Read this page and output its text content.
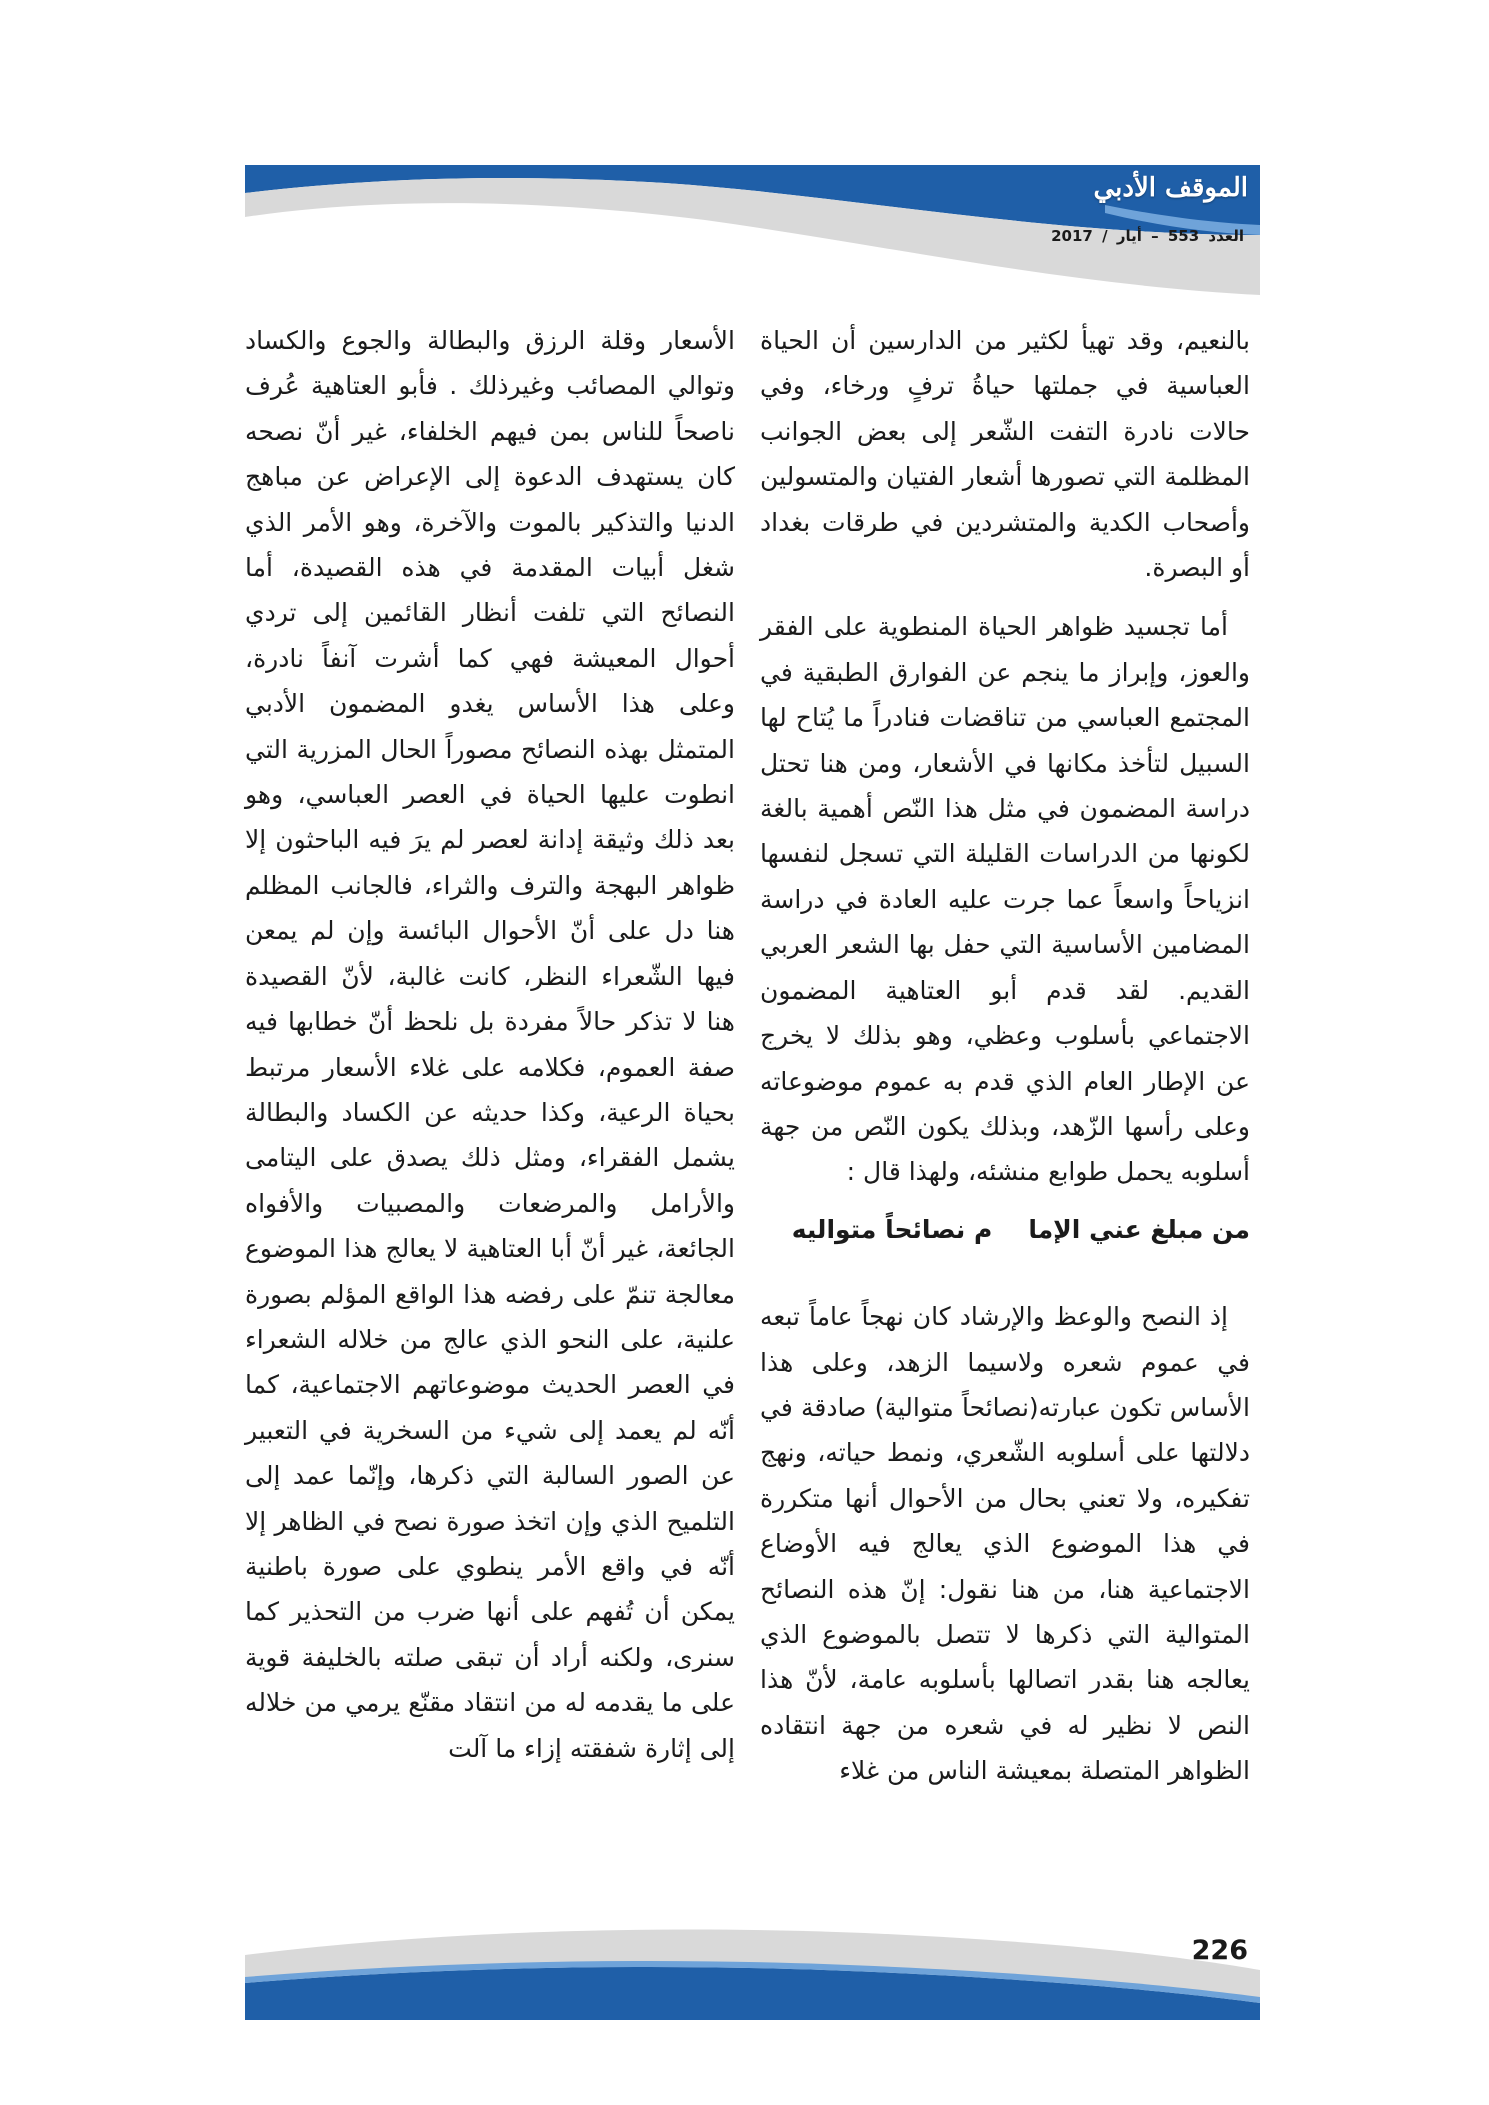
الموقف الأدبي
العدد 553 – أيار / 2017

بالنعيم، وقد تهيأ لكثير من الدارسين أن الحياة العباسية في جملتها حياةُ ترفٍ ورخاء، وفي حالات نادرة التفت الشّعر إلى بعض الجوانب المظلمة التي تصورها أشعار الفتيان والمتسولين وأصحاب الكدية والمتشردين في طرقات بغداد أو البصرة.

أما تجسيد ظواهر الحياة المنطوية على الفقر والعوز، وإبراز ما ينجم عن الفوارق الطبقية في المجتمع العباسي من تناقضات فنادراً ما يُتاح لها السبيل لتأخذ مكانها في الأشعار، ومن هنا تحتل دراسة المضمون في مثل هذا النّص أهمية بالغة لكونها من الدراسات القليلة التي تسجل لنفسها انزياحاً واسعاً عما جرت عليه العادة في دراسة المضامين الأساسية التي حفل بها الشعر العربي القديم. لقد قدم أبو العتاهية المضمون الاجتماعي بأسلوب وعظي، وهو بذلك لا يخرج عن الإطار العام الذي قدم به عموم موضوعاته وعلى رأسها الزّهد، وبذلك يكون النّص من جهة أسلوبه يحمل طوابع منشئه، ولهذا قال :

من مبلغ عني الإمام نصائحاً متواليه

إذ النصح والوعظ والإرشاد كان نهجاً عاماً تبعه في عموم شعره ولاسيما الزهد، وعلى هذا الأساس تكون عبارته(نصائحاً متوالية) صادقة في دلالتها على أسلوبه الشّعري، ونمط حياته، ونهج تفكيره، ولا تعني بحال من الأحوال أنها متكررة في هذا الموضوع الذي يعالج فيه الأوضاع الاجتماعية هنا، من هنا نقول: إنّ هذه النصائح المتوالية التي ذكرها لا تتصل بالموضوع الذي يعالجه هنا بقدر اتصالها بأسلوبه عامة، لأنّ هذا النص لا نظير له في شعره من جهة انتقاده الظواهر المتصلة بمعيشة الناس من غلاء

الأسعار وقلة الرزق والبطالة والجوع والكساد وتوالي المصائب وغيرذلك . فأبو العتاهية عُرف ناصحاً للناس بمن فيهم الخلفاء، غير أنّ نصحه كان يستهدف الدعوة إلى الإعراض عن مباهج الدنيا والتذكير بالموت والآخرة، وهو الأمر الذي شغل أبيات المقدمة في هذه القصيدة، أما النصائح التي تلفت أنظار القائمين إلى تردي أحوال المعيشة فهي كما أشرت آنفاً نادرة، وعلى هذا الأساس يغدو المضمون الأدبي المتمثل بهذه النصائح مصوراً الحال المزرية التي انطوت عليها الحياة في العصر العباسي، وهو بعد ذلك وثيقة إدانة لعصر لم يرَ فيه الباحثون إلا ظواهر البهجة والترف والثراء، فالجانب المظلم هنا دل على أنّ الأحوال البائسة وإن لم يمعن فيها الشّعراء النظر، كانت غالبة، لأنّ القصيدة هنا لا تذكر حالاً مفردة بل نلحظ أنّ خطابها فيه صفة العموم، فكلامه على غلاء الأسعار مرتبط بحياة الرعية، وكذا حديثه عن الكساد والبطالة يشمل الفقراء، ومثل ذلك يصدق على اليتامى والأرامل والمرضعات والمصبيات والأفواه الجائعة، غير أنّ أبا العتاهية لا يعالج هذا الموضوع معالجة تنمّ على رفضه هذا الواقع المؤلم بصورة علنية، على النحو الذي عالج من خلاله الشعراء في العصر الحديث موضوعاتهم الاجتماعية، كما أنّه لم يعمد إلى شيء من السخرية في التعبير عن الصور السالبة التي ذكرها، وإنّما عمد إلى التلميح الذي وإن اتخذ صورة نصح في الظاهر إلا أنّه في واقع الأمر ينطوي على صورة باطنية يمكن أن تُفهم على أنها ضرب من التحذير كما سنرى، ولكنه أراد أن تبقى صلته بالخليفة قوية على ما يقدمه له من انتقاد مقنّع يرمي من خلاله إلى إثارة شفقته إزاء ما آلت

226
